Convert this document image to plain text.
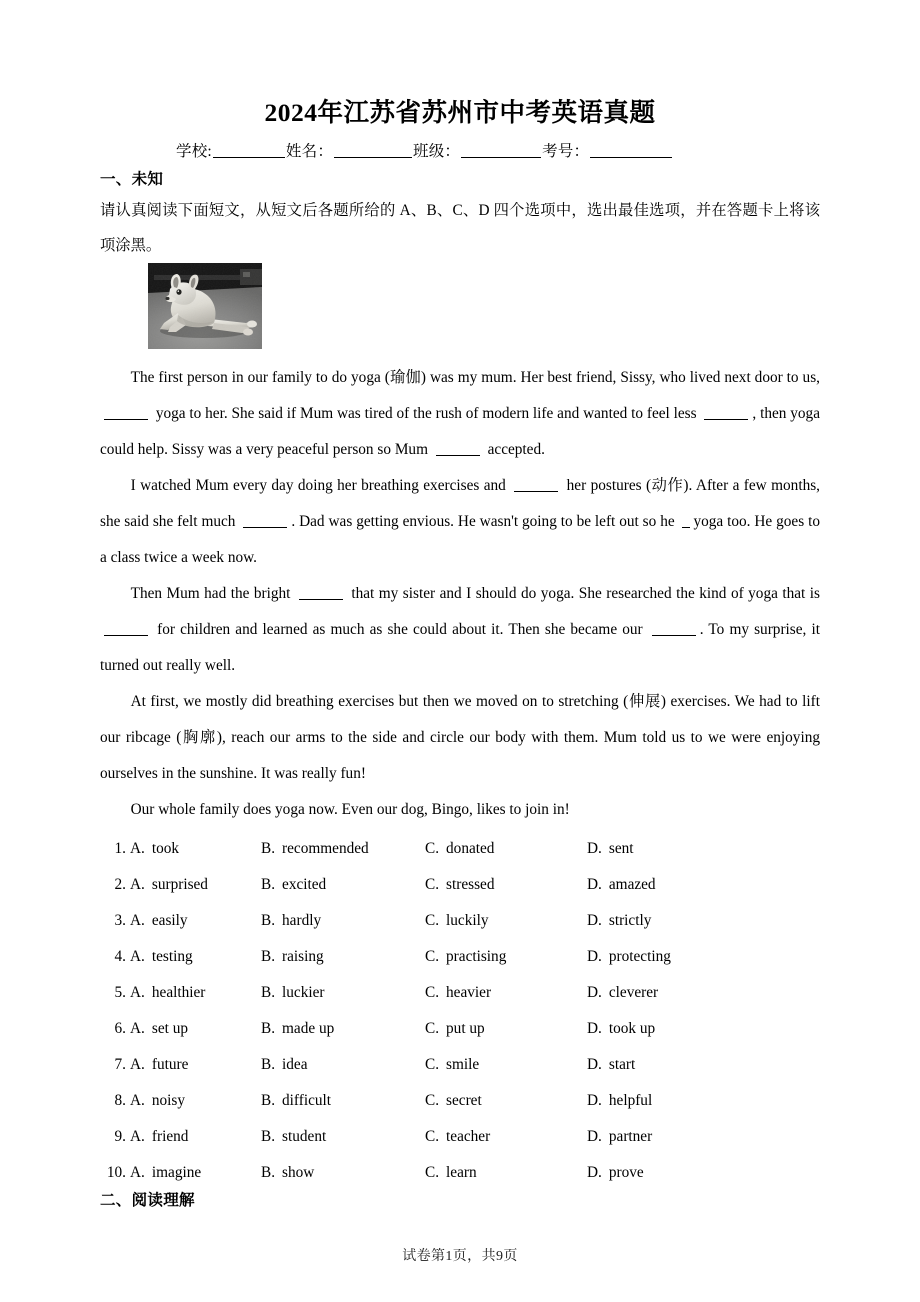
2024年江苏省苏州市中考英语真题
学校:	姓名：	班级：	考号：
一、未知
请认真阅读下面短文，从短文后各题所给的 A、B、C、D 四个选项中，选出最佳选项，并在答题卡上将该项涂黑。

The first person in our family to do yoga (瑜伽) was my mum. Her best friend, Sissy, who lived next door to us,  yoga to her. She said if Mum was tired of the rush of modern life and wanted to feel less	, then yoga could help. Sissy was a very peaceful person so Mum	accepted.

I watched Mum every day doing her breathing exercises and	her postures (动作). After a few months, she said she felt much	. Dad was getting envious. He wasn't going to be left out so he  yoga too. He goes to a class twice a week now.

Then Mum had the bright	that my sister and I should do yoga. She researched the kind of yoga that is  for children and learned as much as she could about it. Then she became our	. To my surprise, it turned out really well.

At first, we mostly did breathing exercises but then we moved on to stretching (伸展) exercises. We had to lift our ribcage (胸廓), reach our arms to the side and circle our body with them. Mum told us to we were enjoying ourselves in the sunshine. It was really fun!

Our whole family does yoga now. Even our dog, Bingo, likes to join in!

1. A. took	B. recommended	C. donated	D. sent
2. A. surprised	B. excited	C. stressed	D. amazed
3. A. easily	B. hardly	C. luckily	D. strictly
4. A. testing	B. raising	C. practising	D. protecting
5. A. healthier	B. luckier	C. heavier	D. cleverer
6. A. set up	B. made up	C. put up	D. took up
7. A. future	B. idea	C. smile	D. start
8. A. noisy	B. difficult	C. secret	D. helpful
9. A. friend	B. student	C. teacher	D. partner
10. A. imagine	B. show	C. learn	D. prove
二、阅读理解
试卷第1页，共9页
